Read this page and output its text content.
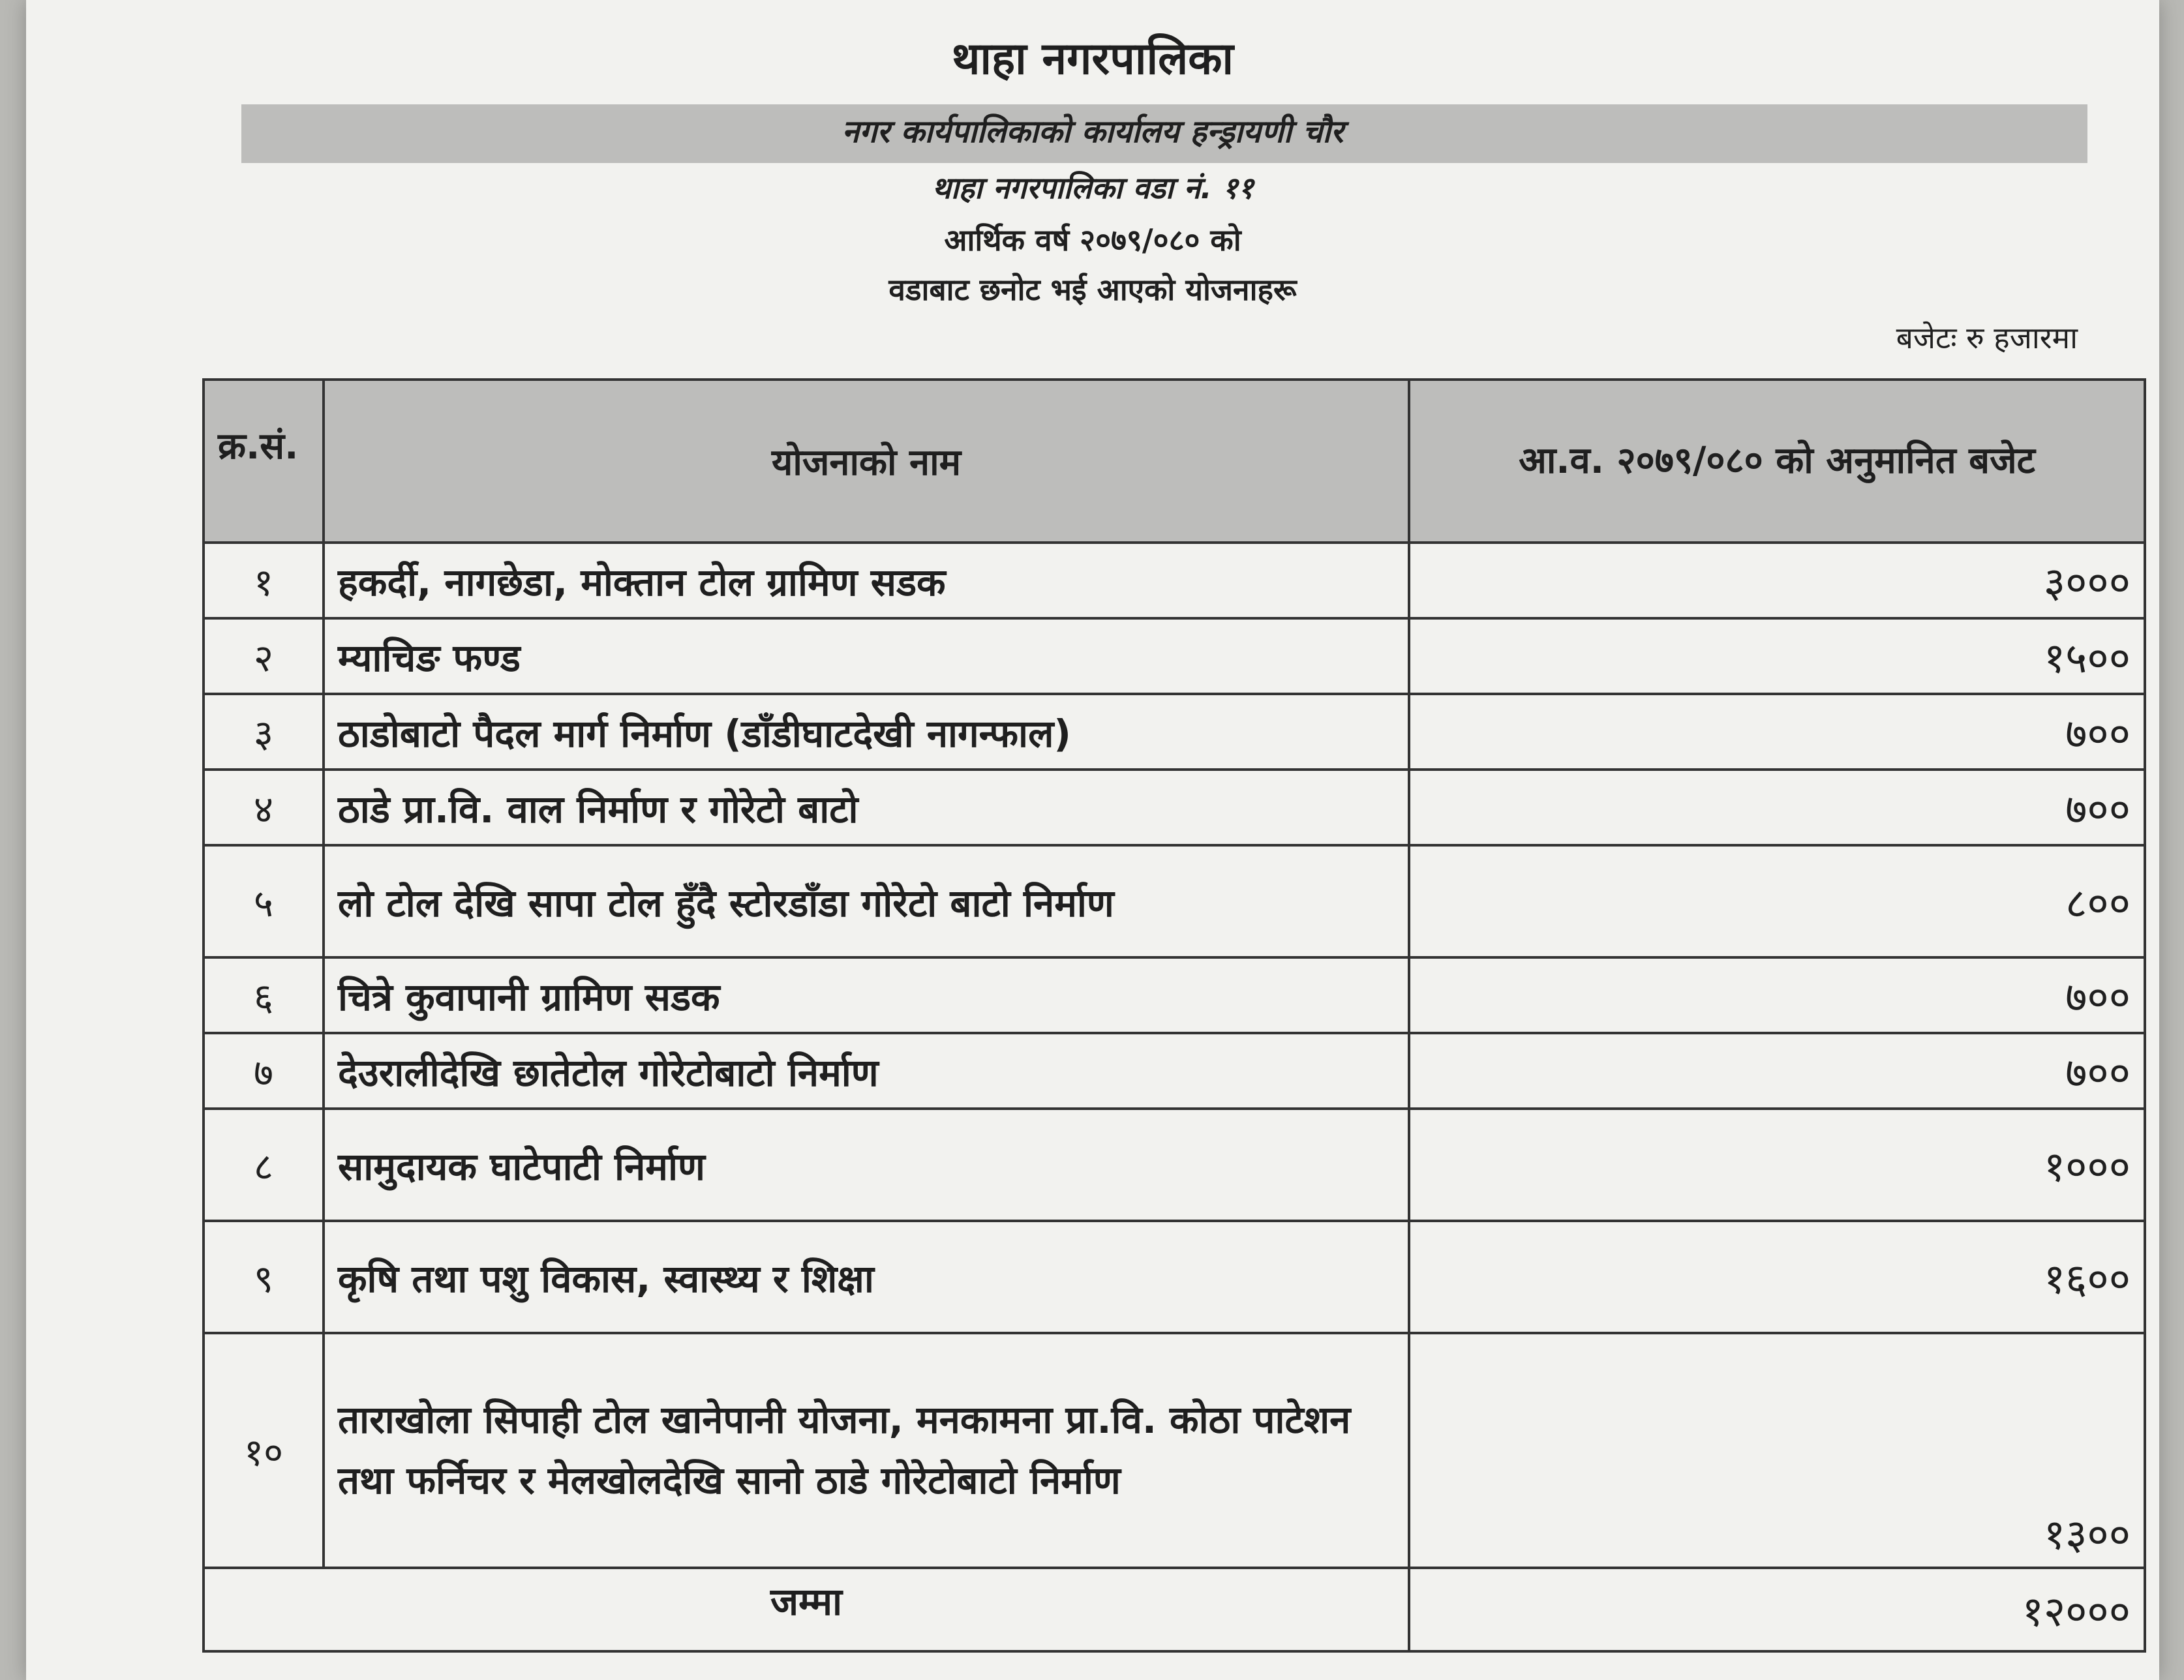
थाहा नगरपालिका
नगर कार्यपालिकाको कार्यालय हन्ड्रायणी चौर
थाहा नगरपालिका वडा नं. ११
आर्थिक वर्ष २०७९/०८० को
वडाबाट छनोट भई आएको योजनाहरू
बजेटः रु हजारमा
क्र.सं.	योजनाको नाम	आ.व. २०७९/०८० को अनुमानित बजेट
१	हकर्दी, नागछेडा, मोक्तान टोल ग्रामिण सडक	३०००
२	म्याचिङ फण्ड	१५००
३	ठाडोबाटो पैदल मार्ग निर्माण (डाँडीघाटदेखी नागन्फाल)	७००
४	ठाडे प्रा.वि. वाल निर्माण र गोरेटो बाटो	७००
५	लो टोल देखि सापा टोल हुँदै स्टोरडाँडा गोरेटो बाटो निर्माण	८००
६	चित्रे कुवापानी ग्रामिण सडक	७००
७	देउरालीदेखि छातेटोल गोरेटोबाटो निर्माण	७००
८	सामुदायक घाटेपाटी निर्माण	१०००
९	कृषि तथा पशु विकास, स्वास्थ्य र शिक्षा	१६००
१०	ताराखोला सिपाही टोल खानेपानी योजना, मनकामना प्रा.वि. कोठा पाटेशन तथा फर्निचर र मेलखोलदेखि सानो ठाडे गोरेटोबाटो निर्माण	१३००
जम्मा		१२०००
